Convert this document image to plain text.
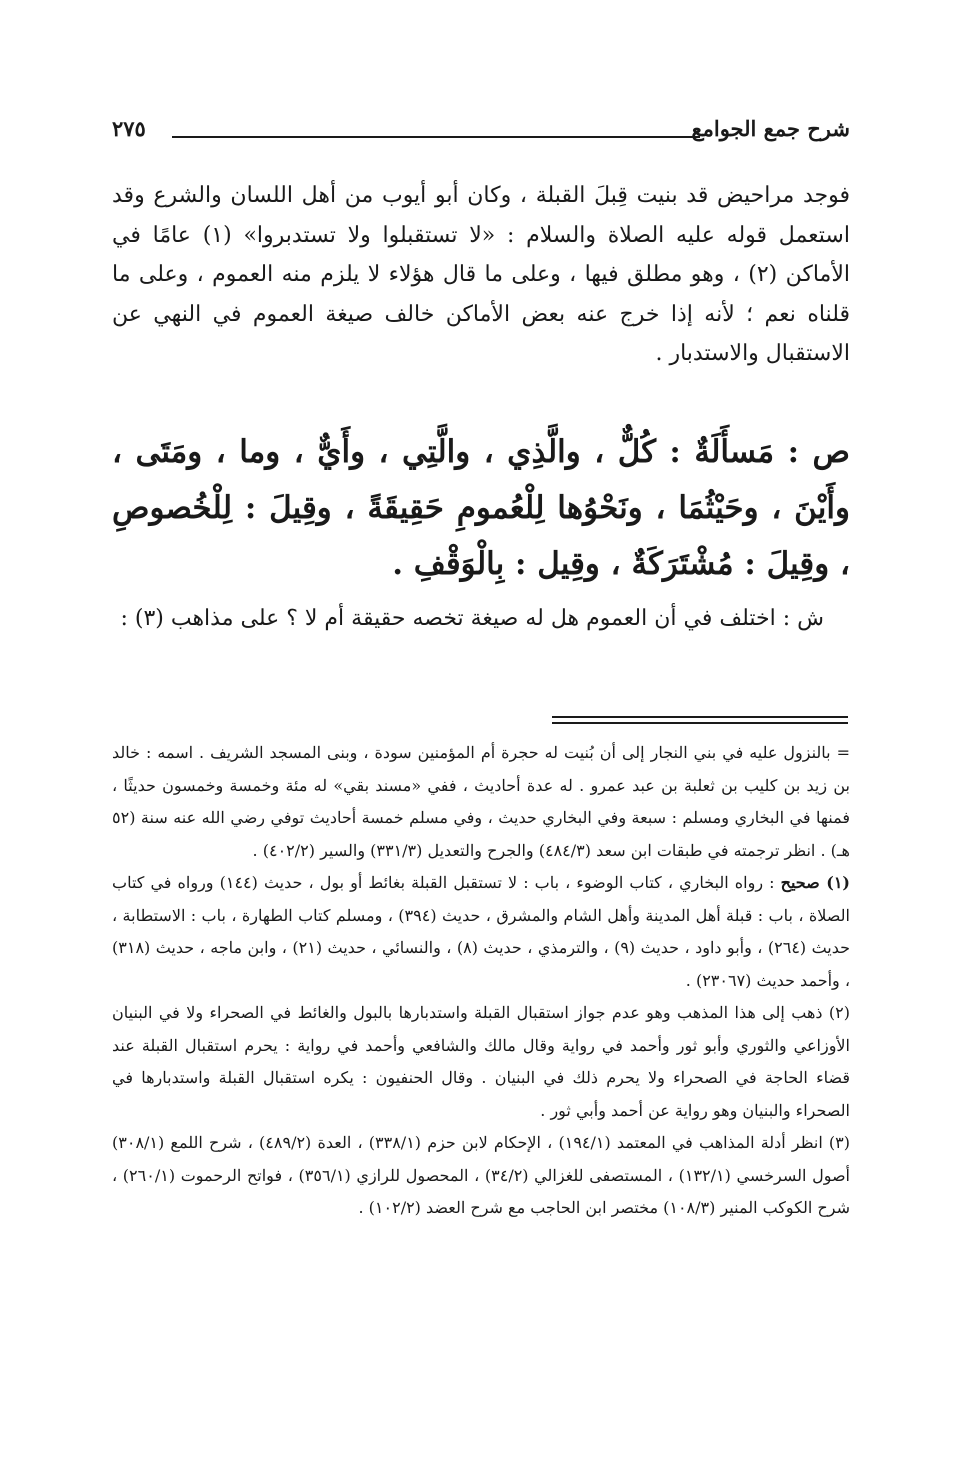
شرح جمع الجوامع
٢٧٥

فوجد مراحيض قد بنيت قِبلَ القبلة ، وكان أبو أيوب من أهل اللسان والشرع وقد استعمل قوله عليه الصلاة والسلام : «لا تستقبلوا ولا تستدبروا» (١) عامًا في الأماكن (٢) ، وهو مطلق فيها ، وعلى ما قال هؤلاء لا يلزم منه العموم ، وعلى ما قلناه نعم ؛ لأنه إذا خرج عنه بعض الأماكن خالف صيغة العموم في النهي عن الاستقبال والاستدبار .

ص : مَسأَلَةٌ : كُلٌّ ، والَّذِي ، والَّتِي ، وأَيٌّ ، وما ، ومَتَى ، وأَيْنَ ، وحَيْثُمَا ، ونَحْوُها لِلْعُمومِ حَقِيقَةً ، وقِيلَ : لِلْخُصوصِ ، وقِيلَ : مُشْتَرَكَةٌ ، وقِيل : بِالْوَقْفِ .

ش : اختلف في أن العموم هل له صيغة تخصه حقيقة أم لا ؟ على مذاهب (٣) :

= بالنزول عليه في بني النجار إلى أن بُنيت له حجرة أم المؤمنين سودة ، وبنى المسجد الشريف . اسمه : خالد بن زيد بن كليب بن ثعلبة بن عبد عمرو . له عدة أحاديث ، ففي «مسند بقي» له مئة وخمسة وخمسون حديثًا ، فمنها في البخاري ومسلم : سبعة وفي البخاري حديث ، وفي مسلم خمسة أحاديث توفي رضي الله عنه سنة (٥٢ هـ) . انظر ترجمته في طبقات ابن سعد (٤٨٤/٣) والجرح والتعديل (٣٣١/٣) والسير (٤٠٢/٢) .

(١) صحيح : رواه البخاري ، كتاب الوضوء ، باب : لا تستقبل القبلة بغائط أو بول ، حديث (١٤٤) ورواه في كتاب الصلاة ، باب : قبلة أهل المدينة وأهل الشام والمشرق ، حديث (٣٩٤) ، ومسلم كتاب الطهارة ، باب : الاستطابة ، حديث (٢٦٤) ، وأبو داود ، حديث (٩) ، والترمذي ، حديث (٨) ، والنسائي ، حديث (٢١) ، وابن ماجه ، حديث (٣١٨) ، وأحمد حديث (٢٣٠٦٧) .

(٢) ذهب إلى هذا المذهب وهو عدم جواز استقبال القبلة واستدبارها بالبول والغائط في الصحراء ولا في البنيان الأوزاعي والثوري وأبو ثور وأحمد في رواية وقال مالك والشافعي وأحمد في رواية : يحرم استقبال القبلة عند قضاء الحاجة في الصحراء ولا يحرم ذلك في البنيان . وقال الحنفيون : يكره استقبال القبلة واستدبارها في الصحراء والبنيان وهو رواية عن أحمد وأبي ثور .

(٣) انظر أدلة المذاهب في المعتمد (١٩٤/١) ، الإحكام لابن حزم (٣٣٨/١) ، العدة (٤٨٩/٢) ، شرح اللمع (٣٠٨/١) أصول السرخسي (١٣٢/١) ، المستصفى للغزالي (٣٤/٢) ، المحصول للرازي (٣٥٦/١) ، فواتح الرحموت (٢٦٠/١) ، شرح الكوكب المنير (١٠٨/٣) مختصر ابن الحاجب مع شرح العضد (١٠٢/٢) .
